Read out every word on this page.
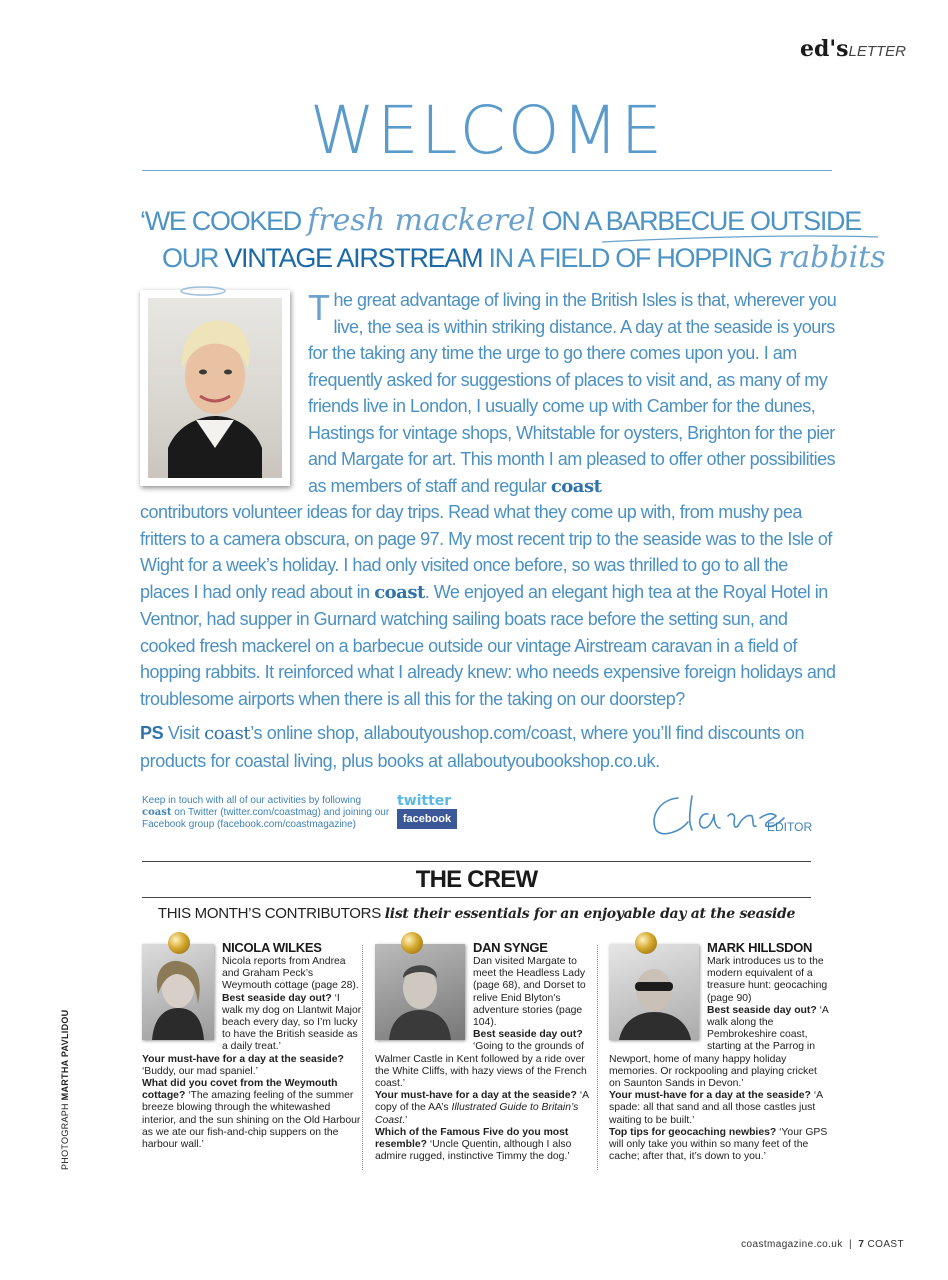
ed'sLETTER
WELCOME
‘WE COOKED fresh mackerel ON A BARBECUE OUTSIDE
OUR VINTAGE AIRSTREAM IN A FIELD OF HOPPING rabbits
The great advantage of living in the British Isles is that, wherever you live, the sea is within striking distance. A day at the seaside is yours for the taking any time the urge to go there comes upon you. I am frequently asked for suggestions of places to visit and, as many of my friends live in London, I usually come up with Camber for the dunes, Hastings for vintage shops, Whitstable for oysters, Brighton for the pier and Margate for art. This month I am pleased to offer other possibilities as members of staff and regular coast
contributors volunteer ideas for day trips. Read what they come up with, from mushy pea fritters to a camera obscura, on page 97. My most recent trip to the seaside was to the Isle of Wight for a week’s holiday. I had only visited once before, so was thrilled to go to all the places I had only read about in coast. We enjoyed an elegant high tea at the Royal Hotel in Ventnor, had supper in Gurnard watching sailing boats race before the setting sun, and cooked fresh mackerel on a barbecue outside our vintage Airstream caravan in a field of hopping rabbits. It reinforced what I already knew: who needs expensive foreign holidays and troublesome airports when there is all this for the taking on our doorstep?
PS Visit coast’s online shop, allaboutyoushop.com/coast, where you’ll find discounts on products for coastal living, plus books at allaboutyoubookshop.co.uk.
Keep in touch with all of our activities by following coast on Twitter (twitter.com/coastmag) and joining our Facebook group (facebook.com/coastmagazine)
twitter
facebook
EDITOR
THE CREW
THIS MONTH’S CONTRIBUTORS list their essentials for an enjoyable day at the seaside
NICOLA WILKES
Nicola reports from Andrea and Graham Peck’s Weymouth cottage (page 28).
Best seaside day out? ‘I walk my dog on Llantwit Major beach every day, so I’m lucky to have the British seaside as a daily treat.’
Your must-have for a day at the seaside? ‘Buddy, our mad spaniel.’
What did you covet from the Weymouth cottage? ‘The amazing feeling of the summer breeze blowing through the whitewashed interior, and the sun shining on the Old Harbour as we ate our fish-and-chip suppers on the harbour wall.’
DAN SYNGE
Dan visited Margate to meet the Headless Lady (page 68), and Dorset to relive Enid Blyton’s adventure stories (page 104).
Best seaside day out? ‘Going to the grounds of Walmer Castle in Kent followed by a ride over the White Cliffs, with hazy views of the French coast.’
Your must-have for a day at the seaside? ‘A copy of the AA’s Illustrated Guide to Britain’s Coast.’
Which of the Famous Five do you most resemble? ‘Uncle Quentin, although I also admire rugged, instinctive Timmy the dog.’
MARK HILLSDON
Mark introduces us to the modern equivalent of a treasure hunt: geocaching (page 90)
Best seaside day out? ‘A walk along the Pembrokeshire coast, starting at the Parrog in Newport, home of many happy holiday memories. Or rockpooling and playing cricket on Saunton Sands in Devon.’
Your must-have for a day at the seaside? ‘A spade: all that sand and all those castles just waiting to be built.’
Top tips for geocaching newbies? ‘Your GPS will only take you within so many feet of the cache; after that, it’s down to you.’
PHOTOGRAPH MARTHA PAVLIDOU
coastmagazine.co.uk  |  7 COAST
